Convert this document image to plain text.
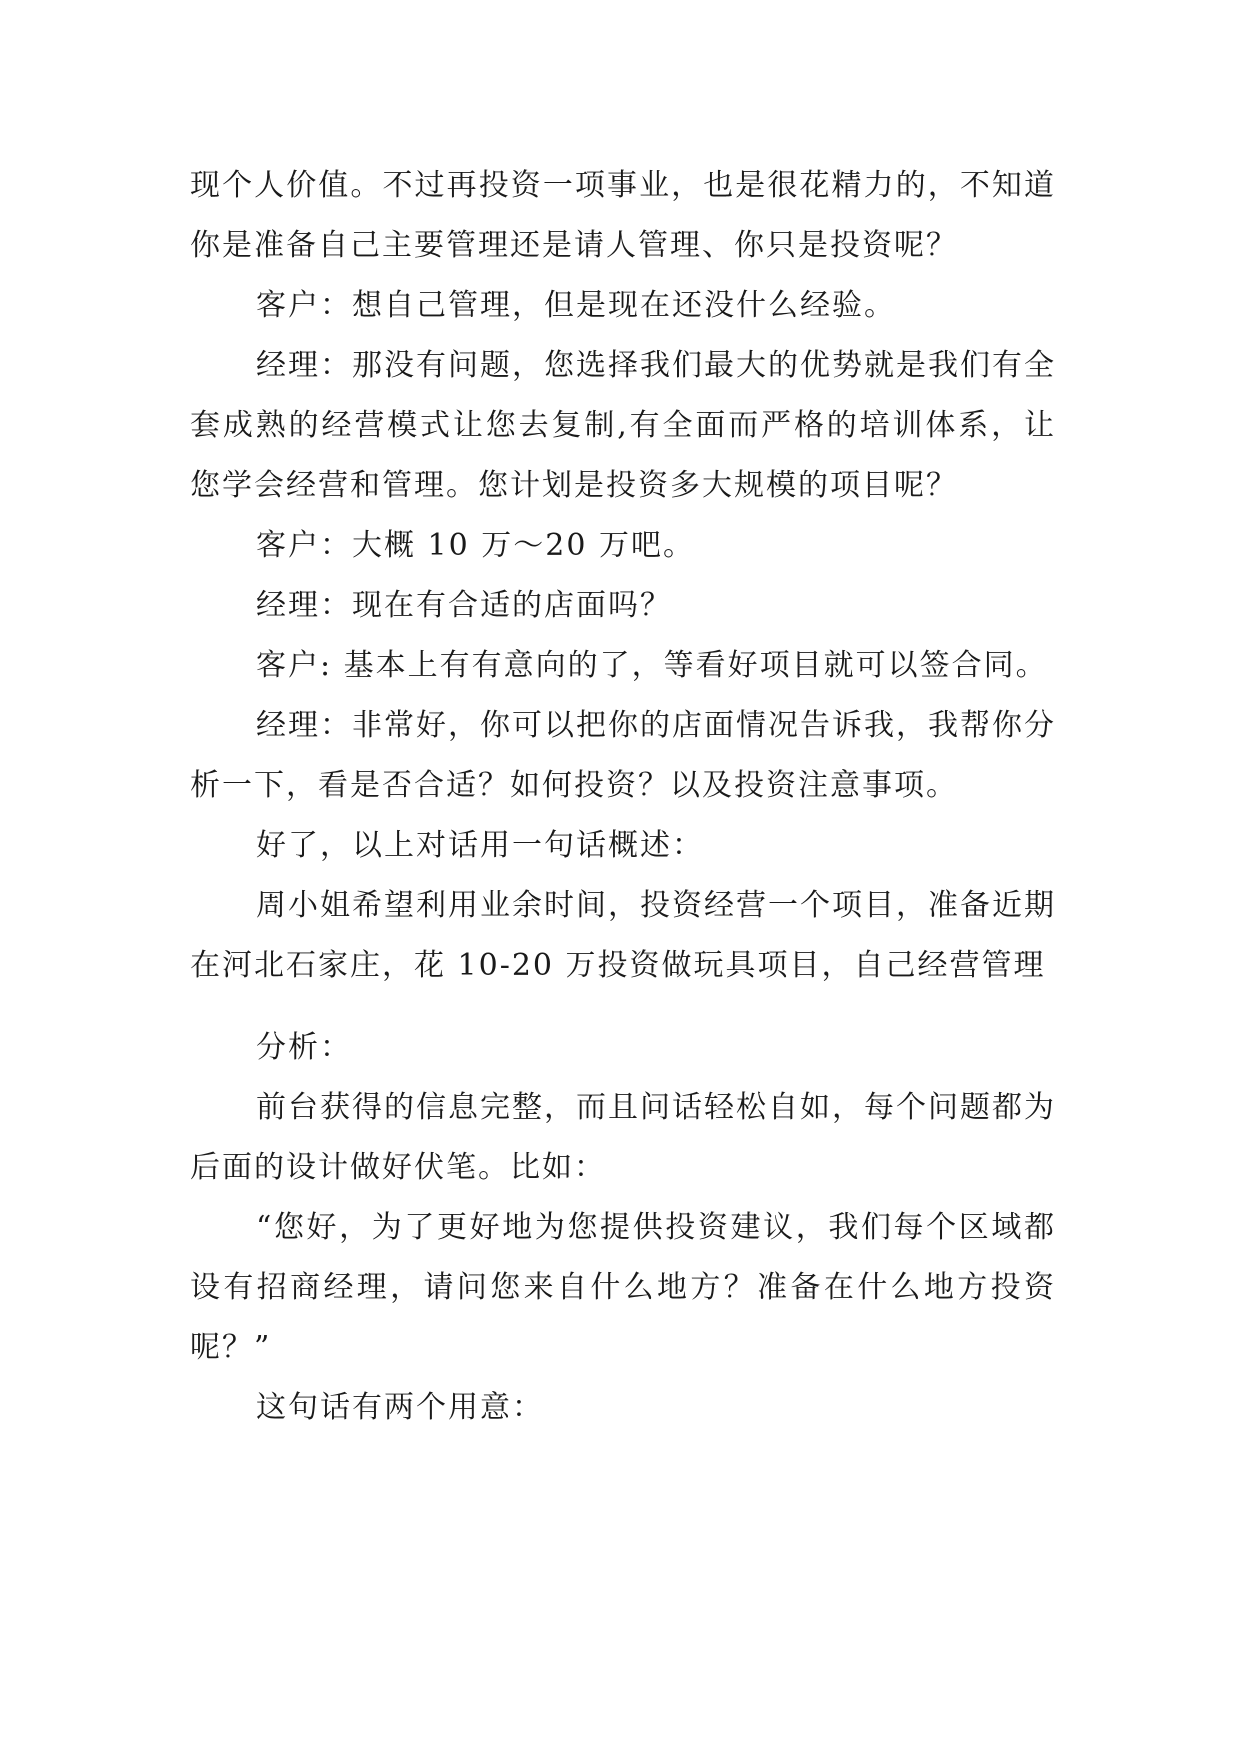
现个人价值。不过再投资一项事业，也是很花精力的，不知道你是准备自己主要管理还是请人管理、你只是投资呢？

客户：想自己管理，但是现在还没什么经验。

经理：那没有问题，您选择我们最大的优势就是我们有全套成熟的经营模式让您去复制,有全面而严格的培训体系，让您学会经营和管理。您计划是投资多大规模的项目呢？

客户：大概 10 万～20 万吧。

经理：现在有合适的店面吗？

客户: 基本上有有意向的了，等看好项目就可以签合同。

经理：非常好，你可以把你的店面情况告诉我，我帮你分析一下，看是否合适？如何投资？以及投资注意事项。

好了，以上对话用一句话概述：

周小姐希望利用业余时间，投资经营一个项目，准备近期在河北石家庄，花 10-20 万投资做玩具项目，自己经营管理

分析：

前台获得的信息完整，而且问话轻松自如，每个问题都为后面的设计做好伏笔。比如：

“您好，为了更好地为您提供投资建议，我们每个区域都设有招商经理，请问您来自什么地方？准备在什么地方投资呢？”

这句话有两个用意：
